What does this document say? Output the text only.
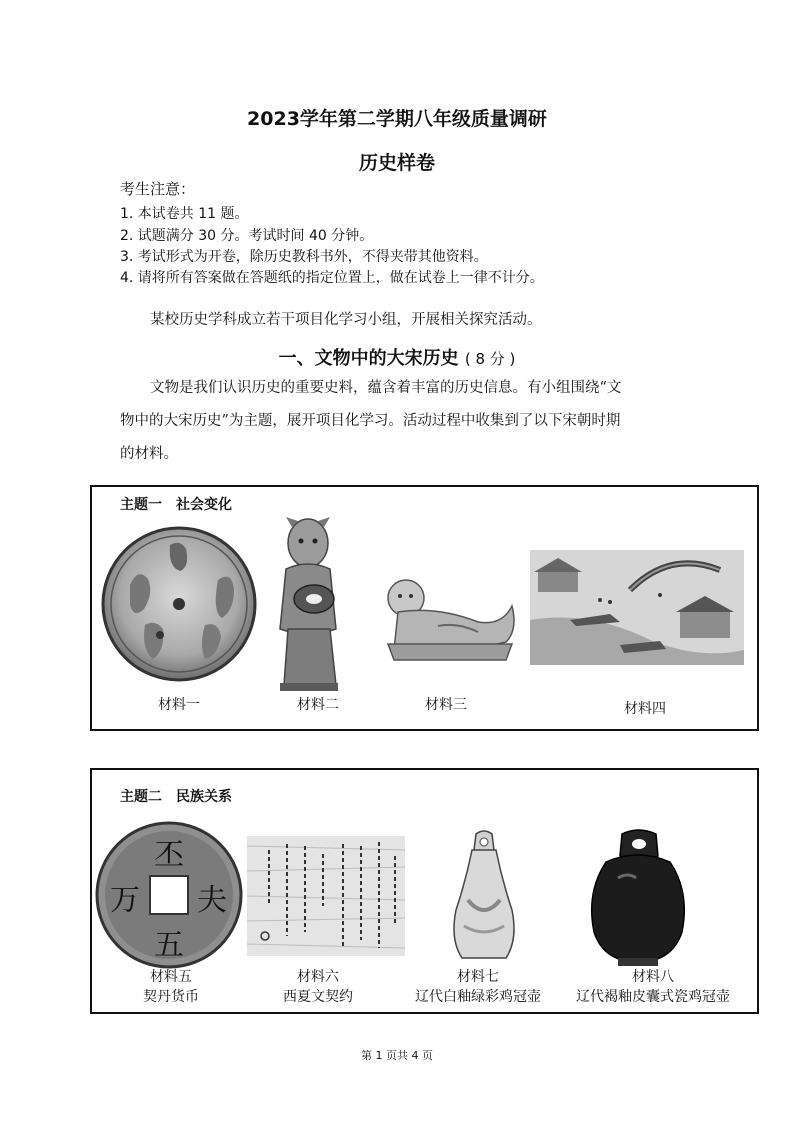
2023学年第二学期八年级质量调研
历史样卷
考生注意：
1. 本试卷共 11 题。
2. 试题满分 30 分。考试时间 40 分钟。
3. 考试形式为开卷，除历史教科书外，不得夹带其他资料。
4. 请将所有答案做在答题纸的指定位置上，做在试卷上一律不计分。
某校历史学科成立若干项目化学习小组，开展相关探究活动。
一、文物中的大宋历史 ( 8 分 )
文物是我们认识历史的重要史料，蕴含着丰富的历史信息。有小组围绕“文
物中的大宋历史”为主题，展开项目化学习。活动过程中收集到了以下宋朝时期
的材料。
主题一　社会变化
材料一	材料二	材料三	材料四
主题二　民族关系
丕
万 夫
五
材料五
契丹货币
材料六
西夏文契约
材料七
辽代白釉绿彩鸡冠壶
材料八
辽代褐釉皮囊式瓷鸡冠壶
第 1 页共 4 页
